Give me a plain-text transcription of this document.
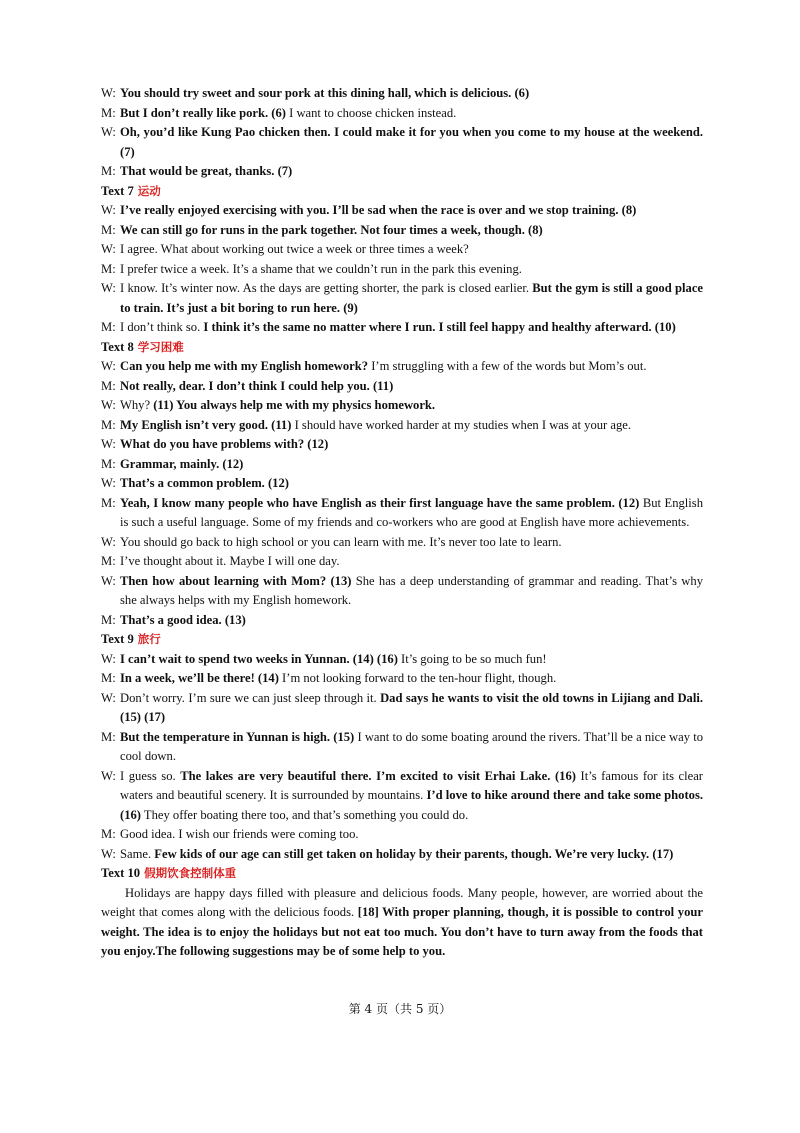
W: You should try sweet and sour pork at this dining hall, which is delicious. (6)
M: But I don’t really like pork. (6) I want to choose chicken instead.
W: Oh, you’d like Kung Pao chicken then. I could make it for you when you come to my house at the weekend. (7)
M: That would be great, thanks. (7)

Text 7 运动

W: I’ve really enjoyed exercising with you. I’ll be sad when the race is over and we stop training. (8)
M: We can still go for runs in the park together. Not four times a week, though. (8)
W: I agree. What about working out twice a week or three times a week?
M: I prefer twice a week. It’s a shame that we couldn’t run in the park this evening.
W: I know. It’s winter now. As the days are getting shorter, the park is closed earlier. But the gym is still a good place to train. It’s just a bit boring to run here. (9)
M: I don’t think so. I think it’s the same no matter where I run. I still feel happy and healthy afterward. (10)

Text 8 学习困难

W: Can you help me with my English homework? I’m struggling with a few of the words but Mom’s out.
M: Not really, dear. I don’t think I could help you. (11)
W: Why? (11) You always help me with my physics homework.
M: My English isn’t very good. (11) I should have worked harder at my studies when I was at your age.
W: What do you have problems with? (12)
M: Grammar, mainly. (12)
W: That’s a common problem. (12)
M: Yeah, I know many people who have English as their first language have the same problem. (12) But English is such a useful language. Some of my friends and co-workers who are good at English have more achievements.
W: You should go back to high school or you can learn with me. It’s never too late to learn.
M: I’ve thought about it. Maybe I will one day.
W: Then how about learning with Mom? (13) She has a deep understanding of grammar and reading. That’s why she always helps with my English homework.
M: That’s a good idea. (13)

Text 9 旅行

W: I can’t wait to spend two weeks in Yunnan. (14) (16) It’s going to be so much fun!
M: In a week, we’ll be there! (14) I’m not looking forward to the ten-hour flight, though.
W: Don’t worry. I’m sure we can just sleep through it. Dad says he wants to visit the old towns in Lijiang and Dali. (15) (17)
M: But the temperature in Yunnan is high. (15) I want to do some boating around the rivers. That’ll be a nice way to cool down.
W: I guess so. The lakes are very beautiful there. I’m excited to visit Erhai Lake. (16) It’s famous for its clear waters and beautiful scenery. It is surrounded by mountains. I’d love to hike around there and take some photos. (16) They offer boating there too, and that’s something you could do.
M: Good idea. I wish our friends were coming too.
W: Same. Few kids of our age can still get taken on holiday by their parents, though. We’re very lucky. (17)

Text 10 假期饮食控制体重

Holidays are happy days filled with pleasure and delicious foods. Many people, however, are worried about the weight that comes along with the delicious foods. [18] With proper planning, though, it is possible to control your weight. The idea is to enjoy the holidays but not eat too much. You don’t have to turn away from the foods that you enjoy.The following suggestions may be of some help to you.

第 4 页（共 5 页）
